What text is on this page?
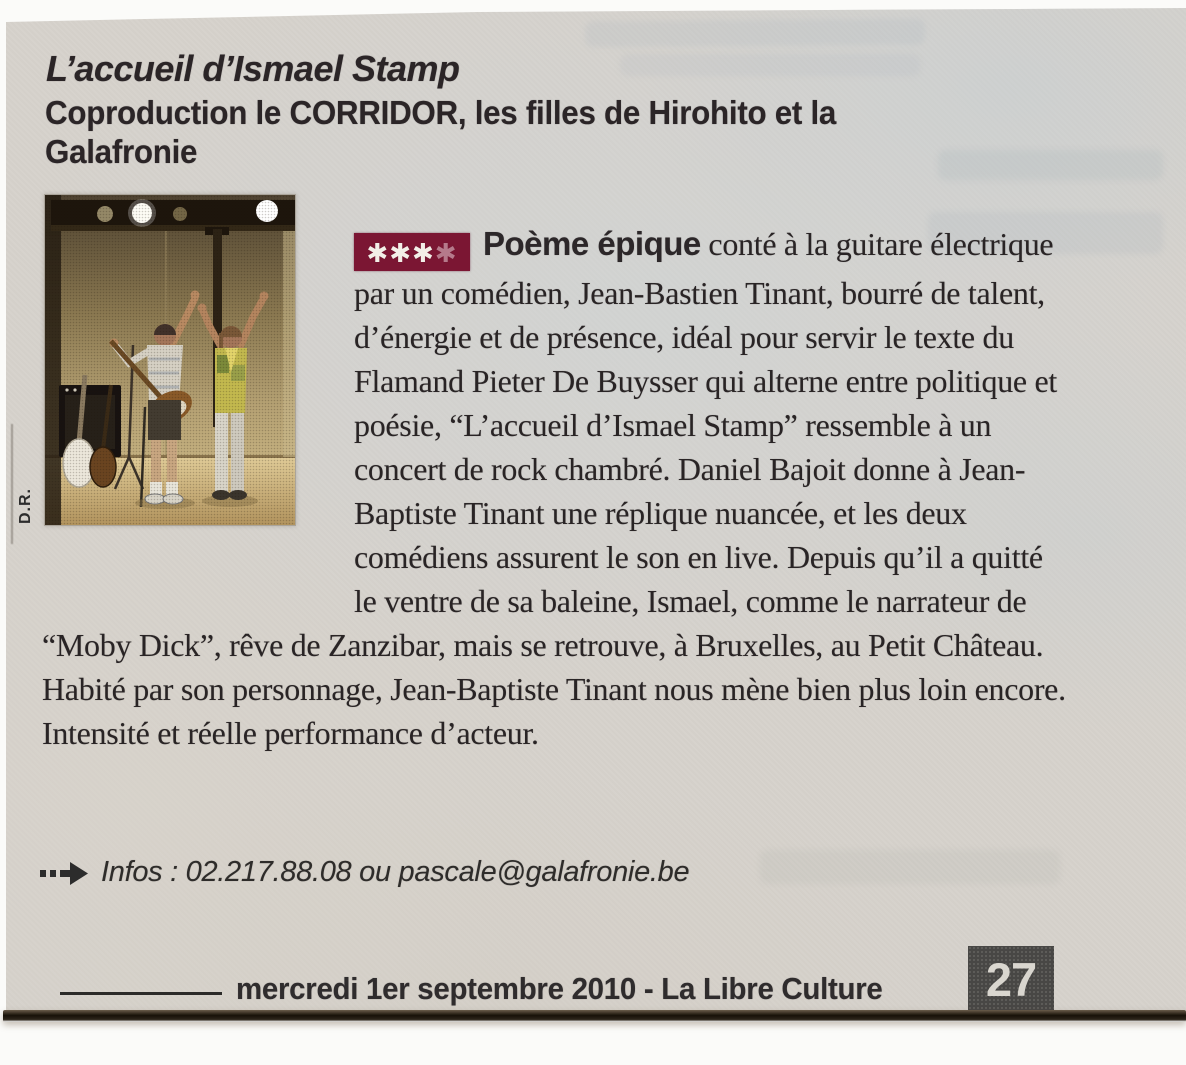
L’accueil d’Ismael Stamp
Coproduction le CORRIDOR, les filles de Hirohito et la
Galafronie
D.R.
✱✱✱✱ Poème épique conté à la guitare électrique par un comédien, Jean-Bastien Tinant, bourré de talent, d’énergie et de présence, idéal pour servir le texte du Flamand Pieter De Buysser qui alterne entre politique et poésie, “L’accueil d’Ismael Stamp” ressemble à un concert de rock chambré. Daniel Bajoit donne à Jean-Baptiste Tinant une réplique nuancée, et les deux comédiens assurent le son en live. Depuis qu’il a quitté le ventre de sa baleine, Ismael, comme le narrateur de “Moby Dick”, rêve de Zanzibar, mais se retrouve, à Bruxelles, au Petit Château. Habité par son personnage, Jean-Baptiste Tinant nous mène bien plus loin encore. Intensité et réelle performance d’acteur.
Infos : 02.217.88.08 ou pascale@galafronie.be
mercredi 1er septembre 2010 - La Libre Culture 27
